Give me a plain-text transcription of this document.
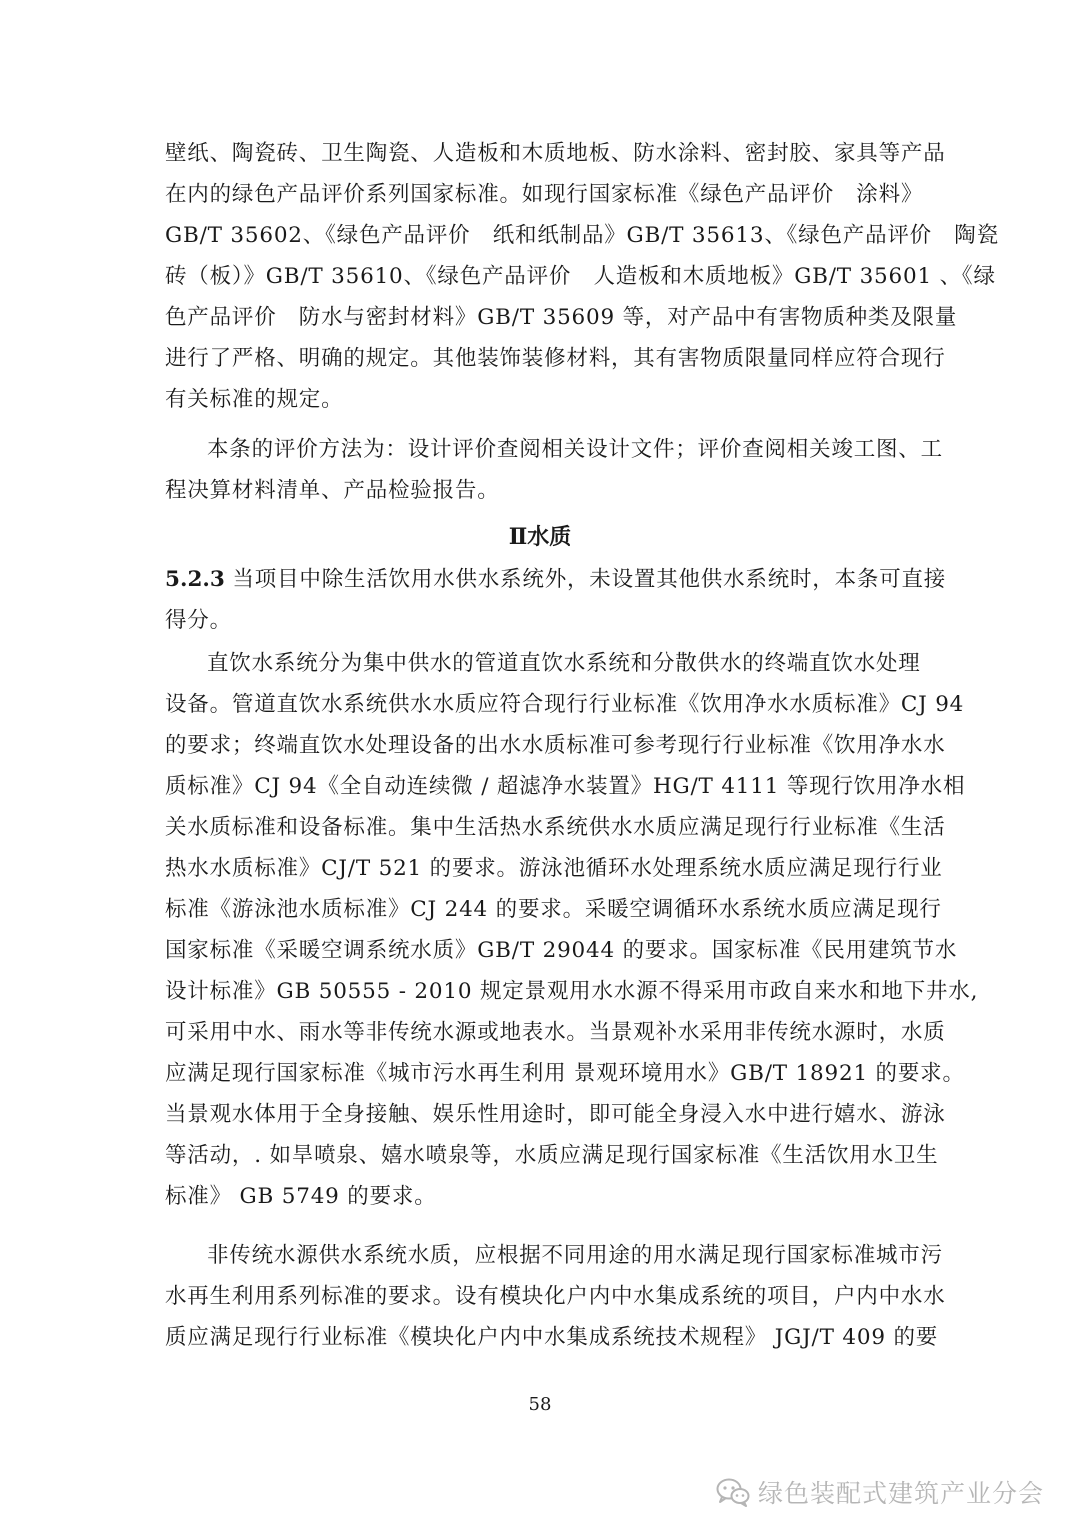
壁纸、陶瓷砖、卫生陶瓷、人造板和木质地板、防水涂料、密封胶、家具等产品
在内的绿色产品评价系列国家标准。如现行国家标准《绿色产品评价　涂料》
GB/T 35602、《绿色产品评价　纸和纸制品》GB/T 35613、《绿色产品评价　陶瓷
砖（板）》GB/T 35610、《绿色产品评价　人造板和木质地板》GB/T 35601 、《绿
色产品评价　防水与密封材料》GB/T 35609 等，对产品中有害物质种类及限量
进行了严格、明确的规定。其他装饰装修材料，其有害物质限量同样应符合现行
有关标准的规定。
本条的评价方法为：设计评价查阅相关设计文件；评价查阅相关竣工图、工
程决算材料清单、产品检验报告。
Ⅱ水质
5.2.3 当项目中除生活饮用水供水系统外，未设置其他供水系统时，本条可直接
得分。
直饮水系统分为集中供水的管道直饮水系统和分散供水的终端直饮水处理
设备。管道直饮水系统供水水质应符合现行行业标准《饮用净水水质标准》CJ 94
的要求；终端直饮水处理设备的出水水质标准可参考现行行业标准《饮用净水水
质标准》CJ 94《全自动连续微 / 超滤净水装置》HG/T 4111 等现行饮用净水相
关水质标准和设备标准。集中生活热水系统供水水质应满足现行行业标准《生活
热水水质标准》CJ/T 521 的要求。游泳池循环水处理系统水质应满足现行行业
标准《游泳池水质标准》CJ 244 的要求。采暖空调循环水系统水质应满足现行
国家标准《采暖空调系统水质》GB/T 29044 的要求。国家标准《民用建筑节水
设计标准》GB 50555 - 2010 规定景观用水水源不得采用市政自来水和地下井水,
可采用中水、雨水等非传统水源或地表水。当景观补水采用非传统水源时，水质
应满足现行国家标准《城市污水再生利用 景观环境用水》GB/T 18921 的要求。
当景观水体用于全身接触、娱乐性用途时，即可能全身浸入水中进行嬉水、游泳
等活动，. 如旱喷泉、嬉水喷泉等，水质应满足现行国家标准《生活饮用水卫生
标准》 GB 5749 的要求。
非传统水源供水系统水质，应根据不同用途的用水满足现行国家标准城市污
水再生利用系列标准的要求。设有模块化户内中水集成系统的项目，户内中水水
质应满足现行行业标准《模块化户内中水集成系统技术规程》 JGJ/T 409 的要
58
绿色装配式建筑产业分会
